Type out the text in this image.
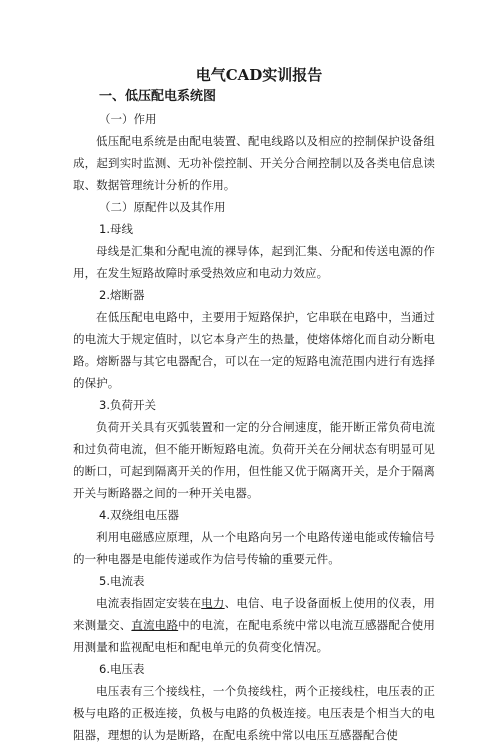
电气CAD实训报告
一、低压配电系统图
（一）作用

低压配电系统是由配电装置、配电线路以及相应的控制保护设备组成，起到实时监测、无功补偿控制、开关分合闸控制以及各类电信息读取、数据管理统计分析的作用。

（二）原配件以及其作用
1.母线

母线是汇集和分配电流的裸导体，起到汇集、分配和传送电源的作用，在发生短路故障时承受热效应和电动力效应。

2.熔断器

在低压配电电路中，主要用于短路保护，它串联在电路中，当通过的电流大于规定值时，以它本身产生的热量，使熔体熔化而自动分断电路。熔断器与其它电器配合，可以在一定的短路电流范围内进行有选择的保护。

3.负荷开关

负荷开关具有灭弧装置和一定的分合闸速度，能开断正常负荷电流和过负荷电流，但不能开断短路电流。负荷开关在分闸状态有明显可见的断口，可起到隔离开关的作用，但性能又优于隔离开关，是介于隔离开关与断路器之间的一种开关电器。

4.双绕组电压器

利用电磁感应原理，从一个电路向另一个电路传递电能或传输信号的一种电器是电能传递或作为信号传输的重要元件。

5.电流表

电流表指固定安装在电力、电信、电子设备面板上使用的仪表，用来测量交、直流电路中的电流，在配电系统中常以电流互感器配合使用用测量和监视配电柜和配电单元的负荷变化情况。

6.电压表

电压表有三个接线柱，一个负接线柱，两个正接线柱，电压表的正极与电路的正极连接，负极与电路的负极连接。电压表是个相当大的电阻器，理想的认为是断路，在配电系统中常以电压互感器配合使
